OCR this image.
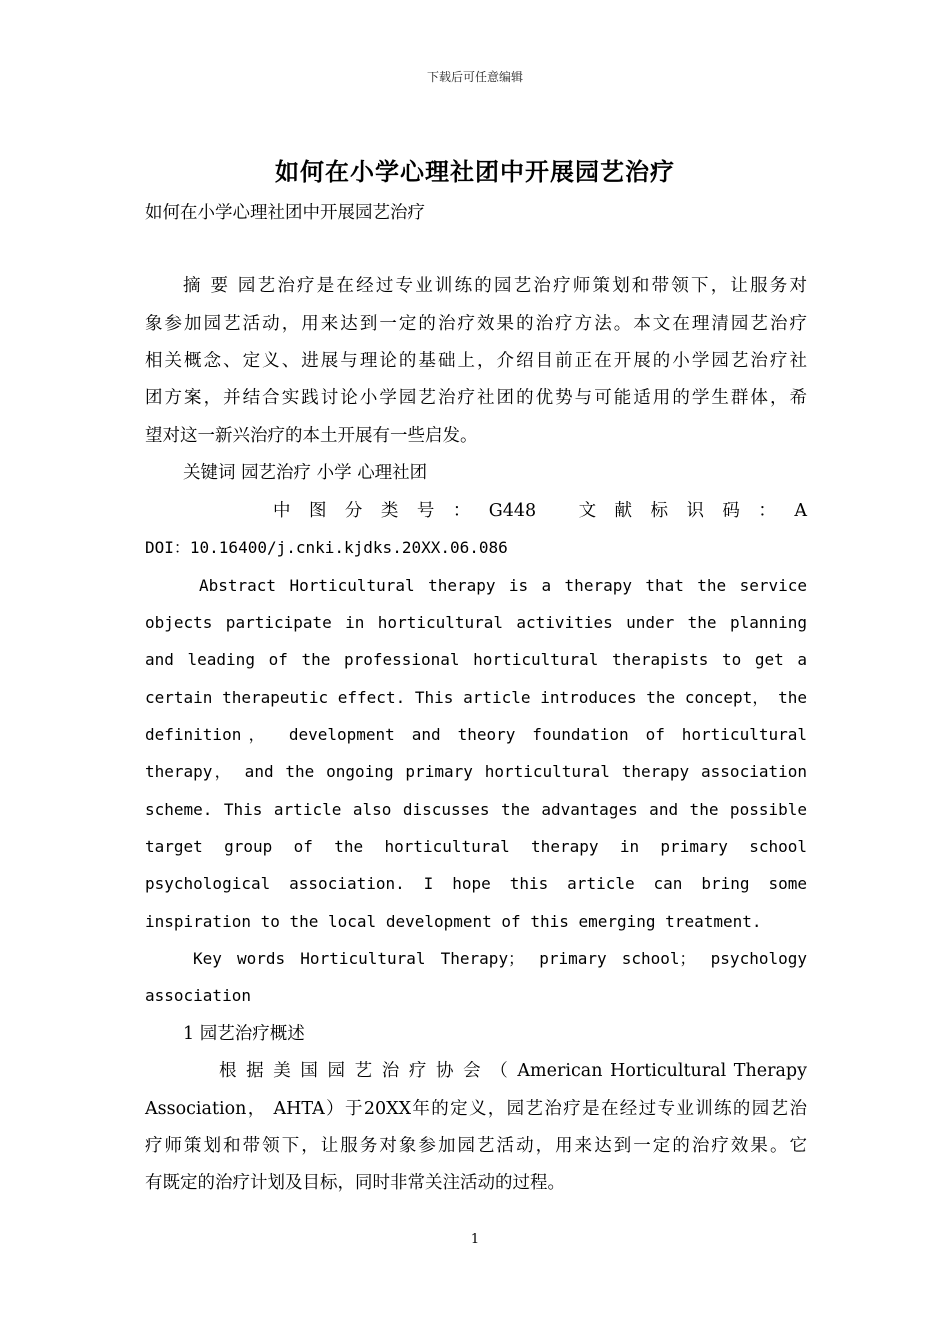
下载后可任意编辑
如何在小学心理社团中开展园艺治疗
如何在小学心理社团中开展园艺治疗
摘 要 园艺治疗是在经过专业训练的园艺治疗师策划和带领下，让服务对
象参加园艺活动，用来达到一定的治疗效果的治疗方法。本文在理清园艺治疗
相关概念、定义、进展与理论的基础上，介绍目前正在开展的小学园艺治疗社
团方案，并结合实践讨论小学园艺治疗社团的优势与可能适用的学生群体，希
望对这一新兴治疗的本土开展有一些启发。
关键词 园艺治疗 小学 心理社团
中 图 分 类 号 ： G448　 文 献 标 识 码 ： A
DOI：10.16400/j.cnki.kjdks.20XX.06.086
Abstract Horticultural therapy is a therapy that the service
objects participate in horticultural activities under the planning
and leading of the professional horticultural therapists to get a
certain therapeutic effect. This article introduces the concept， the
definition， development and theory foundation of horticultural
therapy， and the ongoing primary horticultural therapy association
scheme. This article also discusses the advantages and the possible
target group of the horticultural therapy in primary school
psychological association. I hope this article can bring some
inspiration to the local development of this emerging treatment.
Key words Horticultural Therapy； primary school； psychology
association
1 园艺治疗概述
根 据 美 国 园 艺 治 疗 协 会 （ American Horticultural Therapy
Association， AHTA）于20XX年的定义，园艺治疗是在经过专业训练的园艺治
疗师策划和带领下，让服务对象参加园艺活动，用来达到一定的治疗效果。它
有既定的治疗计划及目标，同时非常关注活动的过程。
1
